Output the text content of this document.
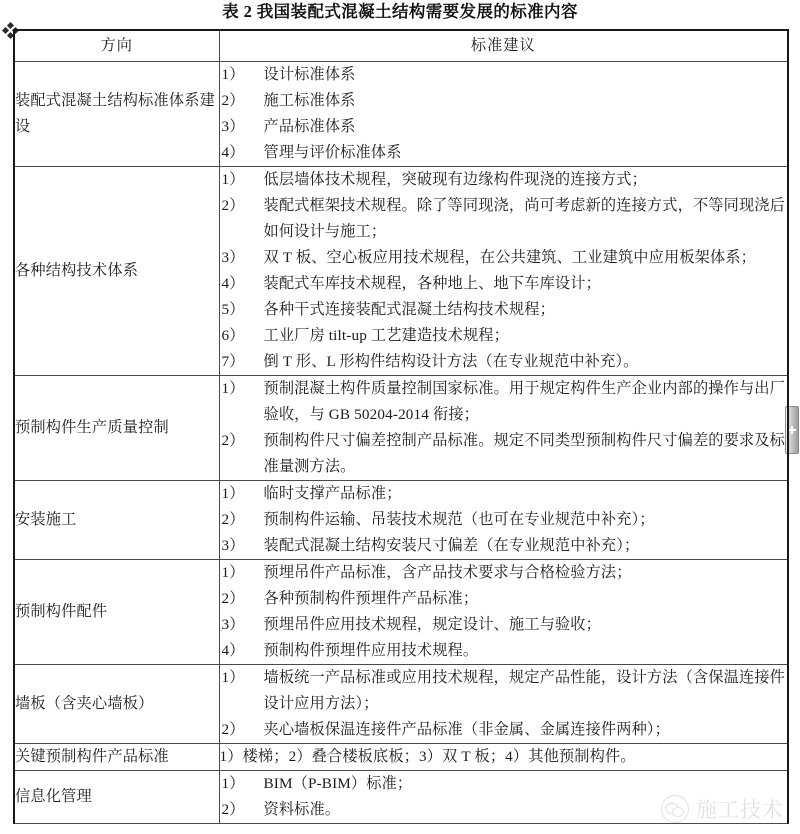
表 2 我国装配式混凝土结构需要发展的标准内容
方向	标准建议
装配式混凝土结构标准体系建设	
1）	设计标准体系
2）	施工标准体系
3）	产品标准体系
4）	管理与评价标准体系

各种结构技术体系	
1）	低层墙体技术规程，突破现有边缘构件现浇的连接方式；
2）	装配式框架技术规程。除了等同现浇，尚可考虑新的连接方式，不等同现浇后如何设计与施工；
3）	双 T 板、空心板应用技术规程，在公共建筑、工业建筑中应用板架体系；
4）	装配式车库技术规程，各种地上、地下车库设计；
5）	各种干式连接装配式混凝土结构技术规程；
6）	工业厂房 tilt-up 工艺建造技术规程；
7）	倒 T 形、L 形构件结构设计方法（在专业规范中补充）。

预制构件生产质量控制	
1）	预制混凝土构件质量控制国家标准。用于规定构件生产企业内部的操作与出厂验收，与 GB 50204-2014 衔接；
2）	预制构件尺寸偏差控制产品标准。规定不同类型预制构件尺寸偏差的要求及标准量测方法。

安装施工	
1）	临时支撑产品标准；
2）	预制构件运输、吊装技术规范（也可在专业规范中补充）；
3）	装配式混凝土结构安装尺寸偏差（在专业规范中补充）；

预制构件配件	
1）	预埋吊件产品标准，含产品技术要求与合格检验方法；
2）	各种预制构件预埋件产品标准；
3）	预埋吊件应用技术规程，规定设计、施工与验收；
4）	预制构件预埋件应用技术规程。

墙板（含夹心墙板）	
1）	墙板统一产品标准或应用技术规程，规定产品性能，设计方法（含保温连接件设计应用方法）；
2）	夹心墙板保温连接件产品标准（非金属、金属连接件两种）；

关键预制构件产品标准	1）楼梯；2）叠合楼板底板；3）双 T 板；4）其他预制构件。

信息化管理	
1）	BIM（P-BIM）标准；
2）	资料标准。	施工技术
